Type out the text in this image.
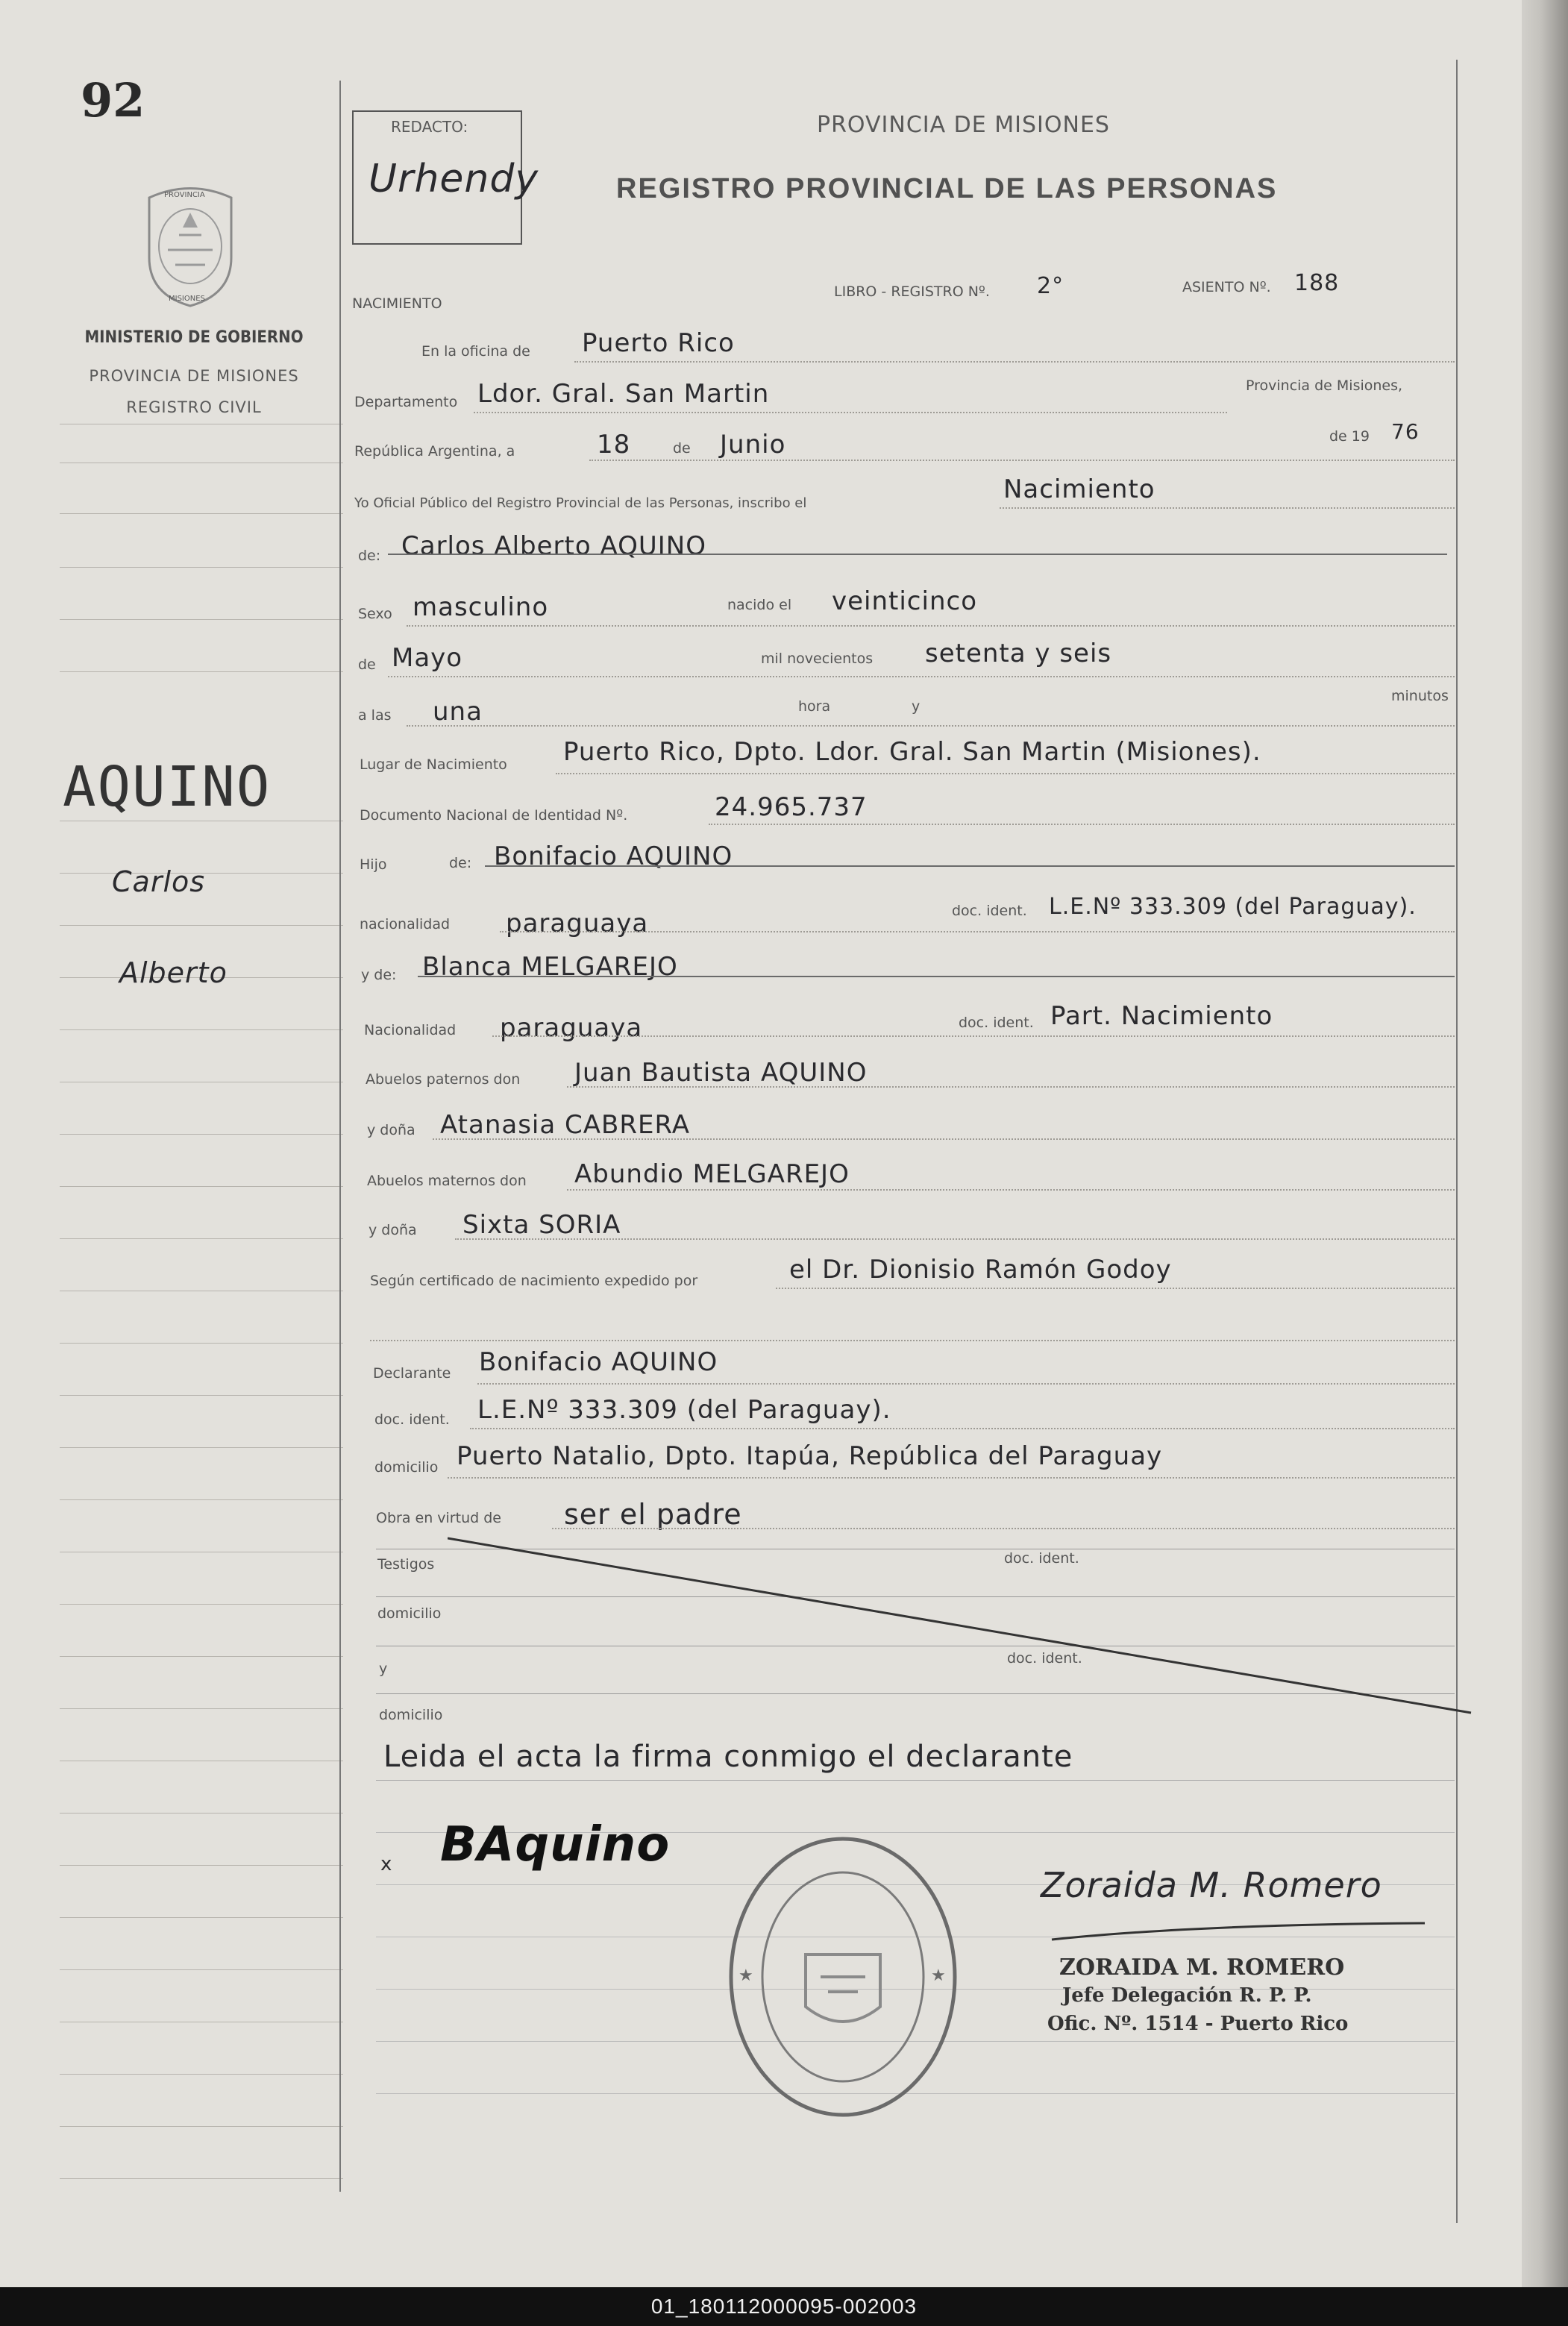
01_180112000095-002003
92
PROVINCIA
MISIONES
MINISTERIO DE GOBIERNO
PROVINCIA DE MISIONES
REGISTRO CIVIL
AQUINO
Carlos
Alberto
REDACTO:
Urhendy
PROVINCIA DE MISIONES
REGISTRO PROVINCIAL DE LAS PERSONAS
NACIMIENTO
LIBRO - REGISTRO Nº. 2°	ASIENTO Nº. 188
En la oficina de Puerto Rico
Departamento Ldor. Gral. San Martin	Provincia de Misiones,
República Argentina, a	18	de Junio	de 19 76
Yo Oficial Público del Registro Provincial de las Personas, inscribo el	Nacimiento
de: Carlos Alberto AQUINO
Sexo masculino	nacido el veinticinco
de Mayo	mil novecientos setenta y seis
a las una	hora	y
minutos
Lugar de Nacimiento Puerto Rico, Dpto. Ldor. Gral. San Martin (Misiones).
Documento Nacional de Identidad Nº.	24.965.737
Hijo	de: Bonifacio AQUINO
nacionalidad paraguaya	doc. ident. L.E.Nº 333.309 (del Paraguay).
y de: Blanca MELGAREJO
Nacionalidad paraguaya	doc. ident. Part. Nacimiento
Abuelos paternos don Juan Bautista AQUINO
y doña Atanasia CABRERA
Abuelos maternos don Abundio MELGAREJO
y doña Sixta SORIA
Según certificado de nacimiento expedido por	el Dr. Dionisio Ramón Godoy
Declarante Bonifacio AQUINO
doc. ident. L.E.Nº 333.309 (del Paraguay).
domicilio Puerto Natalio, Dpto. Itapúa, República del Paraguay
Obra en virtud de ser el padre
Testigos	doc. ident.
domicilio
y
doc. ident.
domicilio
Leida el acta la firma conmigo el declarante
x BAquino
Zoraida M. Romero
ZORAIDA M. ROMERO
Jefe Delegación R. P. P.
Ofic. Nº. 1514 - Puerto Rico
★	★
